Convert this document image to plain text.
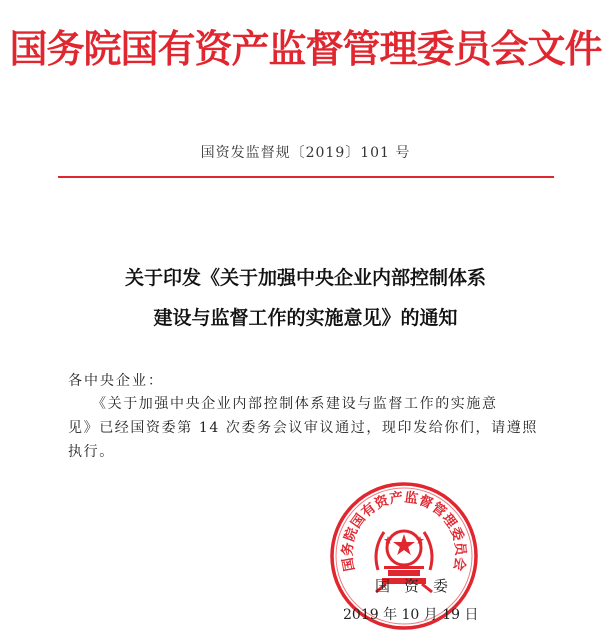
国务院国有资产监督管理委员会文件
国资发监督规〔2019〕101 号
关于印发《关于加强中央企业内部控制体系
建设与监督工作的实施意见》的通知
各中央企业：
《关于加强中央企业内部控制体系建设与监督工作的实施意
见》已经国资委第 14 次委务会议审议通过，现印发给你们，请遵照
执行。
国务院国有资产监督管理委员会
国资委
2019 年 10 月 19 日
